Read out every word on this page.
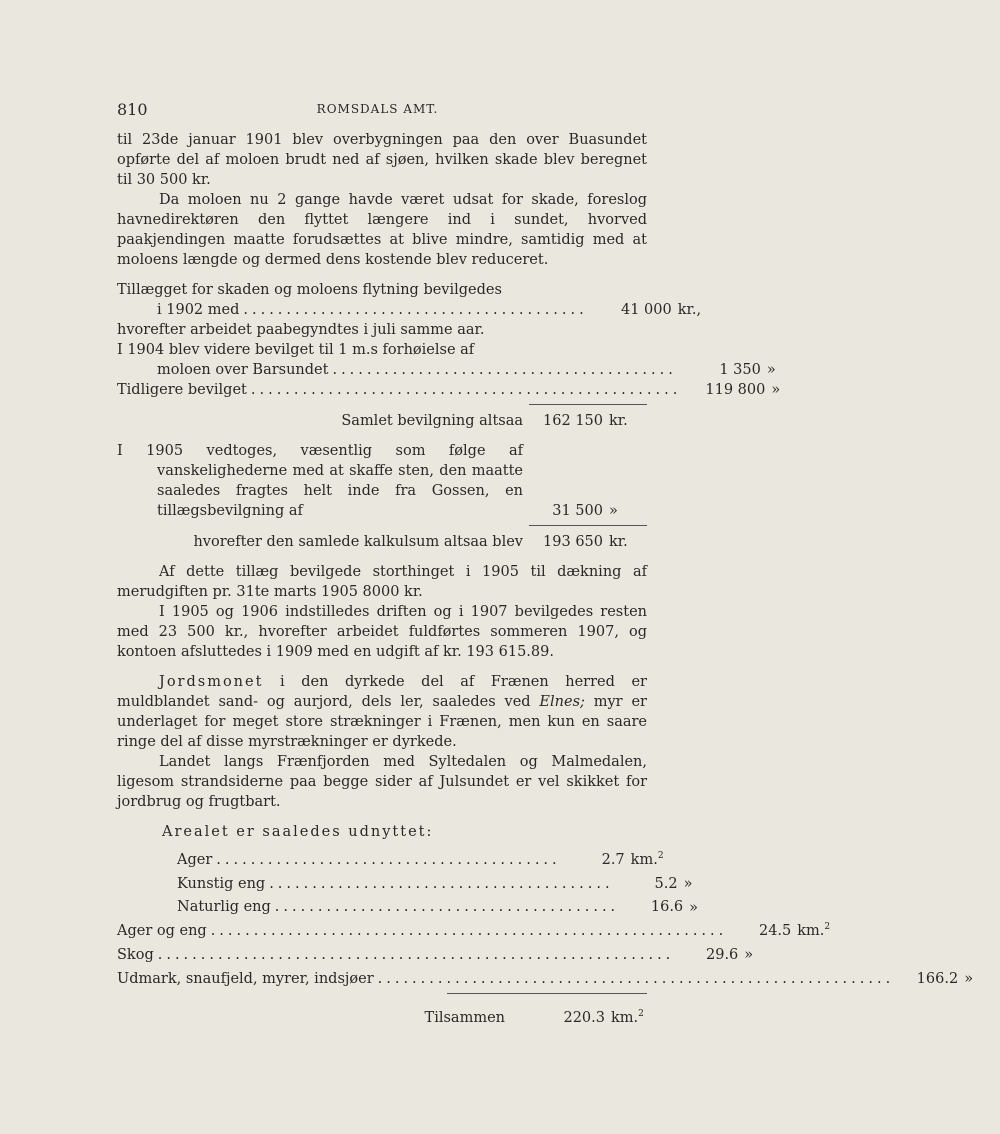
810	ROMSDALS AMT.

til 23de januar 1901 blev overbygningen paa den over Buasundet opførte del af moloen brudt ned af sjøen, hvilken skade blev beregnet til 30 500 kr.

Da moloen nu 2 gange havde været udsat for skade, foreslog havnedirektøren den flyttet længere ind i sundet, hvorved paakjendingen maatte forudsættes at blive mindre, samtidig med at moloens længde og dermed dens kostende blev reduceret.

Tillægget for skaden og moloens flytning bevilgedes
i 1902 med ........................................	41 000 kr.,
hvorefter arbeidet paabegyndtes i juli samme aar.
I 1904 blev videre bevilget til 1 m.s forhøielse af
moloen over Barsundet ........................................	1 350 »
Tidligere bevilget ..................................................	119 800 »
Samlet bevilgning altsaa	162 150 kr.
I 1905 vedtoges, væsentlig som følge af vanskelighederne med at skaffe sten, den maatte saaledes fragtes helt inde fra Gossen, en tillægsbevilgning af	31 500 »
hvorefter den samlede kalkulsum altsaa blev	193 650 kr.

Af dette tillæg bevilgede storthinget i 1905 til dækning af merudgiften pr. 31te marts 1905 8000 kr.

I 1905 og 1906 indstilledes driften og i 1907 bevilgedes resten med 23 500 kr., hvorefter arbeidet fuldførtes sommeren 1907, og kontoen afsluttedes i 1909 med en udgift af kr. 193 615.89.

Jordsmonet i den dyrkede del af Frænen herred er muldblandet sand- og aurjord, dels ler, saaledes ved Elnes; myr er underlaget for meget store strækninger i Frænen, men kun en saare ringe del af disse myrstrækninger er dyrkede.

Landet langs Frænfjorden med Syltedalen og Malmedalen, ligesom strandsiderne paa begge sider af Julsundet er vel skikket for jordbrug og frugtbart.

Arealet er saaledes udnyttet:
Ager ........................................	2.7 km.$^2$
Kunstig eng ........................................	5.2 »
Naturlig eng ........................................	16.6 »
Ager og eng ............................................................	24.5 km.$^2$
Skog ............................................................	29.6 »
Udmark, snaufjeld, myrer, indsjøer ............................................................	166.2 »
Tilsammen	220.3 km.$^2$
